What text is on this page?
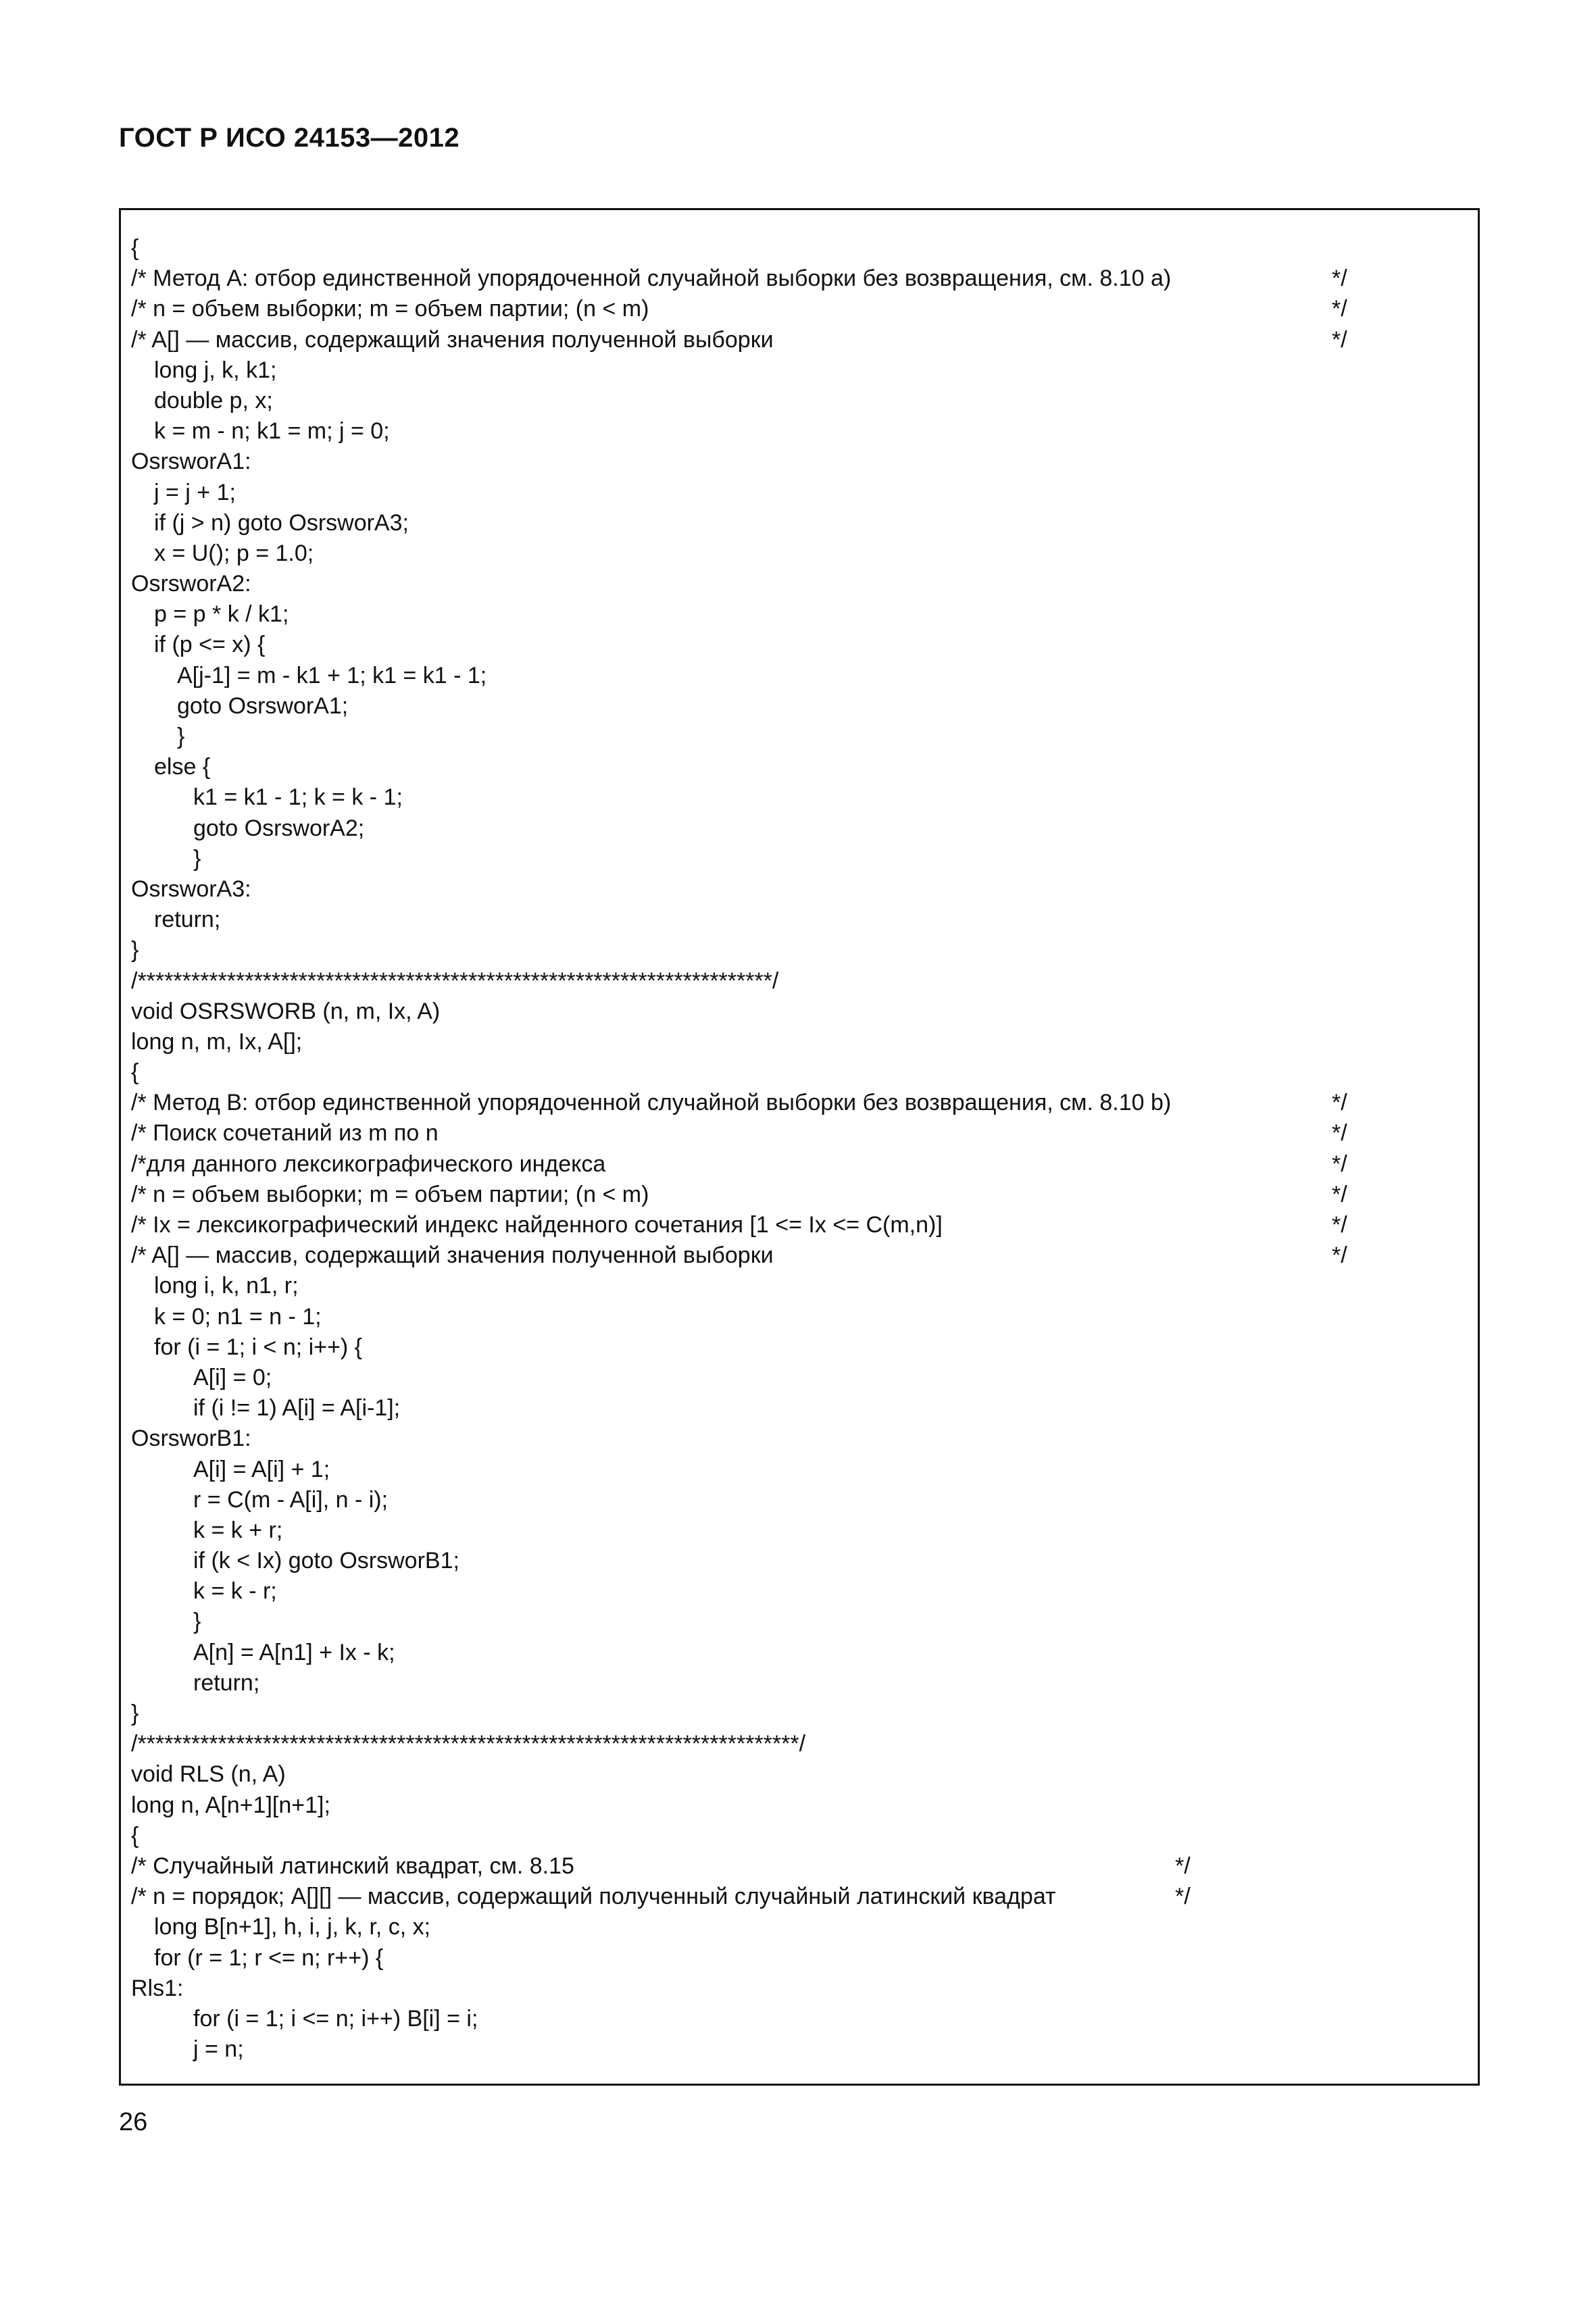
ГОСТ Р ИСО 24153—2012
{
/* Метод A: отбор единственной упорядоченной случайной выборки без возвращения, см. 8.10 a)	*/
/* n = объем выборки; m = объем партии; (n < m)	*/
/* A[] — массив, содержащий значения полученной выборки	*/
long j, k, k1;
double p, x;
k = m - n; k1 = m; j = 0;
OsrsworA1:
j = j + 1;
if (j > n) goto OsrsworA3;
x = U(); p = 1.0;
OsrsworA2:
p = p * k / k1;
if (p <= x) {
A[j-1] = m - k1 + 1; k1 = k1 - 1;
goto OsrsworA1;
}
else {
k1 = k1 - 1; k = k - 1;
goto OsrsworA2;
}
OsrsworA3:
return;
}
/***********************************************************************/
void OSRSWORB (n, m, Ix, A)
long n, m, Ix, A[];
{
/* Метод B: отбор единственной упорядоченной случайной выборки без возвращения, см. 8.10 b)	*/
/* Поиск сочетаний из m по n	*/
/*для данного лексикографического индекса	*/
/* n = объем выборки; m = объем партии; (n < m)	*/
/* Ix = лексикографический индекс найденного сочетания [1 <= Ix <= C(m,n)]	*/
/* A[] — массив, содержащий значения полученной выборки	*/
long i, k, n1, r;
k = 0; n1 = n - 1;
for (i = 1; i < n; i++) {
A[i] = 0;
if (i != 1) A[i] = A[i-1];
OsrsworB1:
A[i] = A[i] + 1;
r = C(m - A[i], n - i);
k = k + r;
if (k < Ix) goto OsrsworB1;
k = k - r;
}
A[n] = A[n1] + Ix - k;
return;
}
/**************************************************************************/
void RLS (n, A)
long n, A[n+1][n+1];
{
/* Случайный латинский квадрат, см. 8.15	*/
/* n = порядок; A[][] — массив, содержащий полученный случайный латинский квадрат	*/
long B[n+1], h, i, j, k, r, c, x;
for (r = 1; r <= n; r++) {
Rls1:
for (i = 1; i <= n; i++) B[i] = i;
j = n;
26
